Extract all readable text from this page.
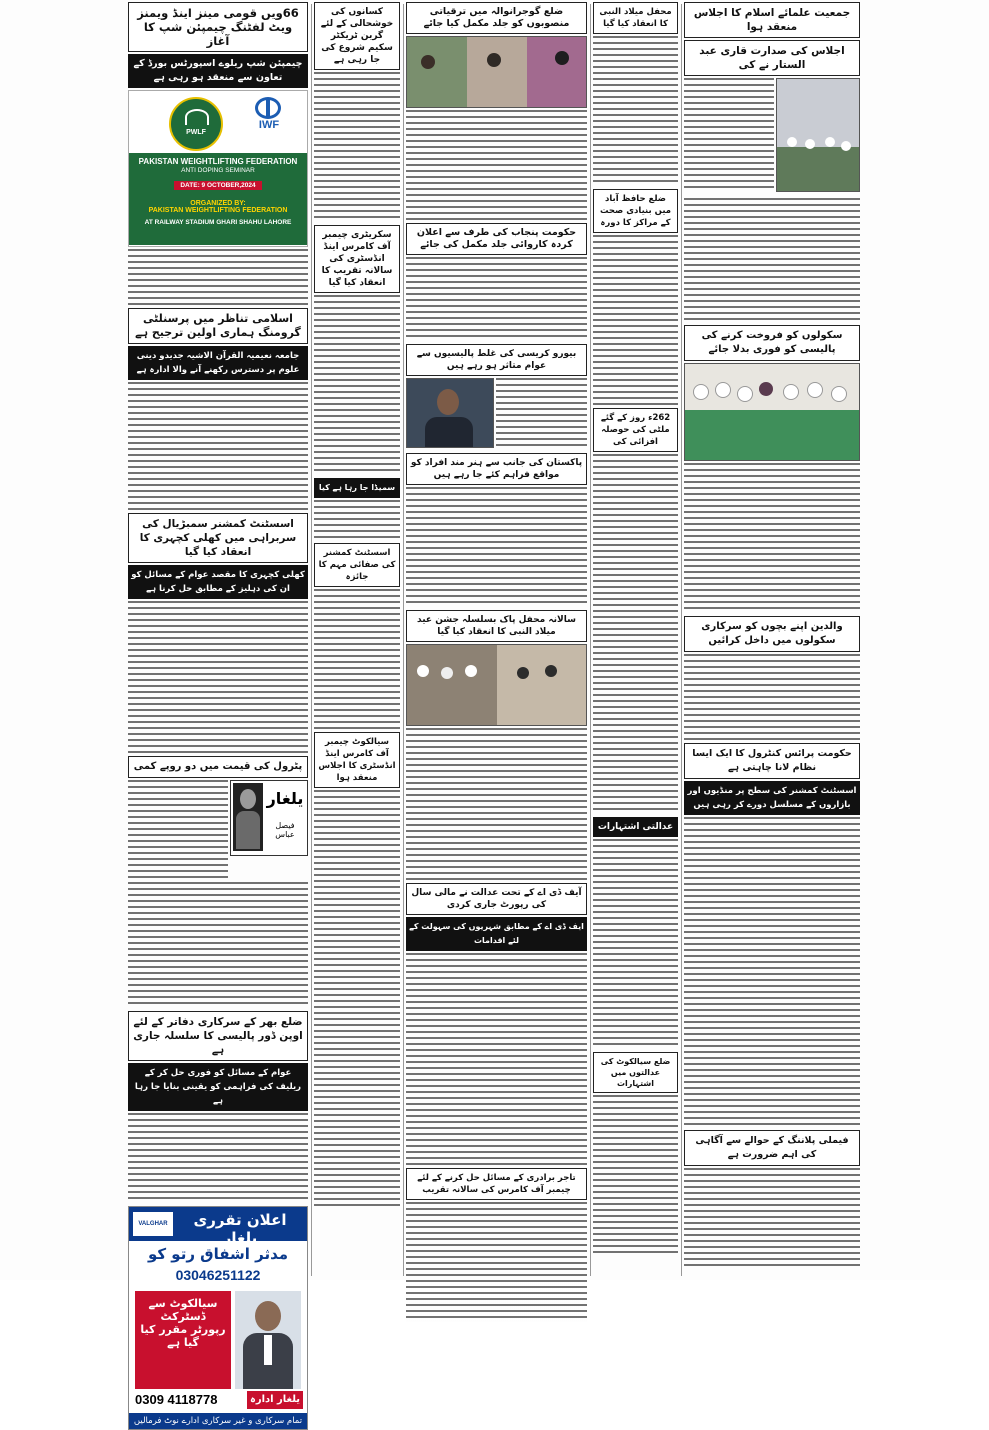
66ویں قومی مینز اینڈ ویمنز ویٹ لفٹنگ چیمپئن شپ کا آغاز
چیمپئن شپ ریلوے اسپورٹس بورڈ کے تعاون سے منعقد ہو رہی ہے
PWLF
IWF
PAKISTAN WEIGHTLIFTING FEDERATION
ANTI DOPING SEMINAR
DATE: 9 OCTOBER,2024
ORGANIZED BY:
PAKISTAN WEIGHTLIFTING FEDERATION
AT RAILWAY STADIUM GHARI SHAHU LAHORE
اسلامی تناظر میں پرسنلٹی گرومنگ ہماری اولین ترجیح ہے
جامعہ نعیمیہ القرآن الاشیہ جدیدو دینی علوم پر دسترس رکھنے آنے والا ادارہ ہے
اسسٹنٹ کمشنر سمبڑیال کی سربراہی میں کھلی کچہری کا انعقاد کیا گیا
کھلی کچہری کا مقصد عوام کے مسائل کو ان کی دہلیز کے مطابق حل کرنا ہے
پٹرول کی قیمت میں دو روپے کمی
یلغار
فیصل عباس
ضلع بھر کے سرکاری دفاتر کے لئے اوپن ڈور پالیسی کا سلسلہ جاری ہے
عوام کے مسائل کو فوری حل کر کے ریلیف کی فراہمی کو یقینی بنایا جا رہا ہے
VALGHAR	اعلان تقرری یلغار
مدثر اشفاق رتو کو
03046251122
سیالکوٹ سے
ڈسٹرکٹ
رپورٹر مقرر کیا
گیا ہے
یلغار ادارہ
0309 4118778
تمام سرکاری و غیر سرکاری ادارے نوٹ فرمالیں
کسانوں کی خوشحالی کے لئے گرین ٹریکٹر سکیم شروع کی جا رہی ہے
سکریٹری چیمبر آف کامرس اینڈ انڈسٹری کی سالانہ تقریب کا انعقاد کیا گیا
سمیڈا جا رہا ہے کیا
اسسٹنٹ کمشنر کی صفائی مہم کا جائزہ
سیالکوٹ چیمبر آف کامرس اینڈ انڈسٹری کا اجلاس منعقد ہوا
ضلع گوجرانوالہ میں ترقیاتی منصوبوں کو جلد مکمل کیا جائے
حکومت پنجاب کی طرف سے اعلان کردہ کاروائی جلد مکمل کی جائے
بیورو کریسی کی غلط پالیسیوں سے عوام متاثر ہو رہے ہیں
پاکستان کی جانب سے ہنر مند افراد کو مواقع فراہم کئے جا رہے ہیں
سالانہ محفل پاک بسلسلہ جشن عید میلاد النبی کا انعقاد کیا گیا
آیف ڈی اے کے تحت عدالت نے مالی سال کی رپورٹ جاری کردی
ایف ڈی اے کے مطابق شہریوں کی سہولت کے لئے اقدامات
تاجر برادری کے مسائل حل کرنے کے لئے چیمبر آف کامرس کی سالانہ تقریب
محفل میلاد النبی کا انعقاد کیا گیا
ضلع حافظ آباد میں بنیادی صحت کے مراکز کا دورہ
262ء روز کے گئے ملٹی کی حوصلہ افزائی کی
عدالتی اشتہارات
ضلع سیالکوٹ کی عدالتوں میں اشتہارات
جمعیت علمائے اسلام کا اجلاس منعقد ہوا
اجلاس کی صدارت قاری عبد الستار نے کی
سکولوں کو فروخت کرنے کی پالیسی کو فوری بدلا جائے
والدین اپنے بچوں کو سرکاری سکولوں میں داخل کرائیں
حکومت پرائس کنٹرول کا ایک ایسا نظام لانا چاہتی ہے
اسسٹنٹ کمشنر کی سطح پر منڈیوں اور بازاروں کے مسلسل دورے کر رہی ہیں
فیملی پلاننگ کے حوالے سے آگاہی کی اہم ضرورت ہے
